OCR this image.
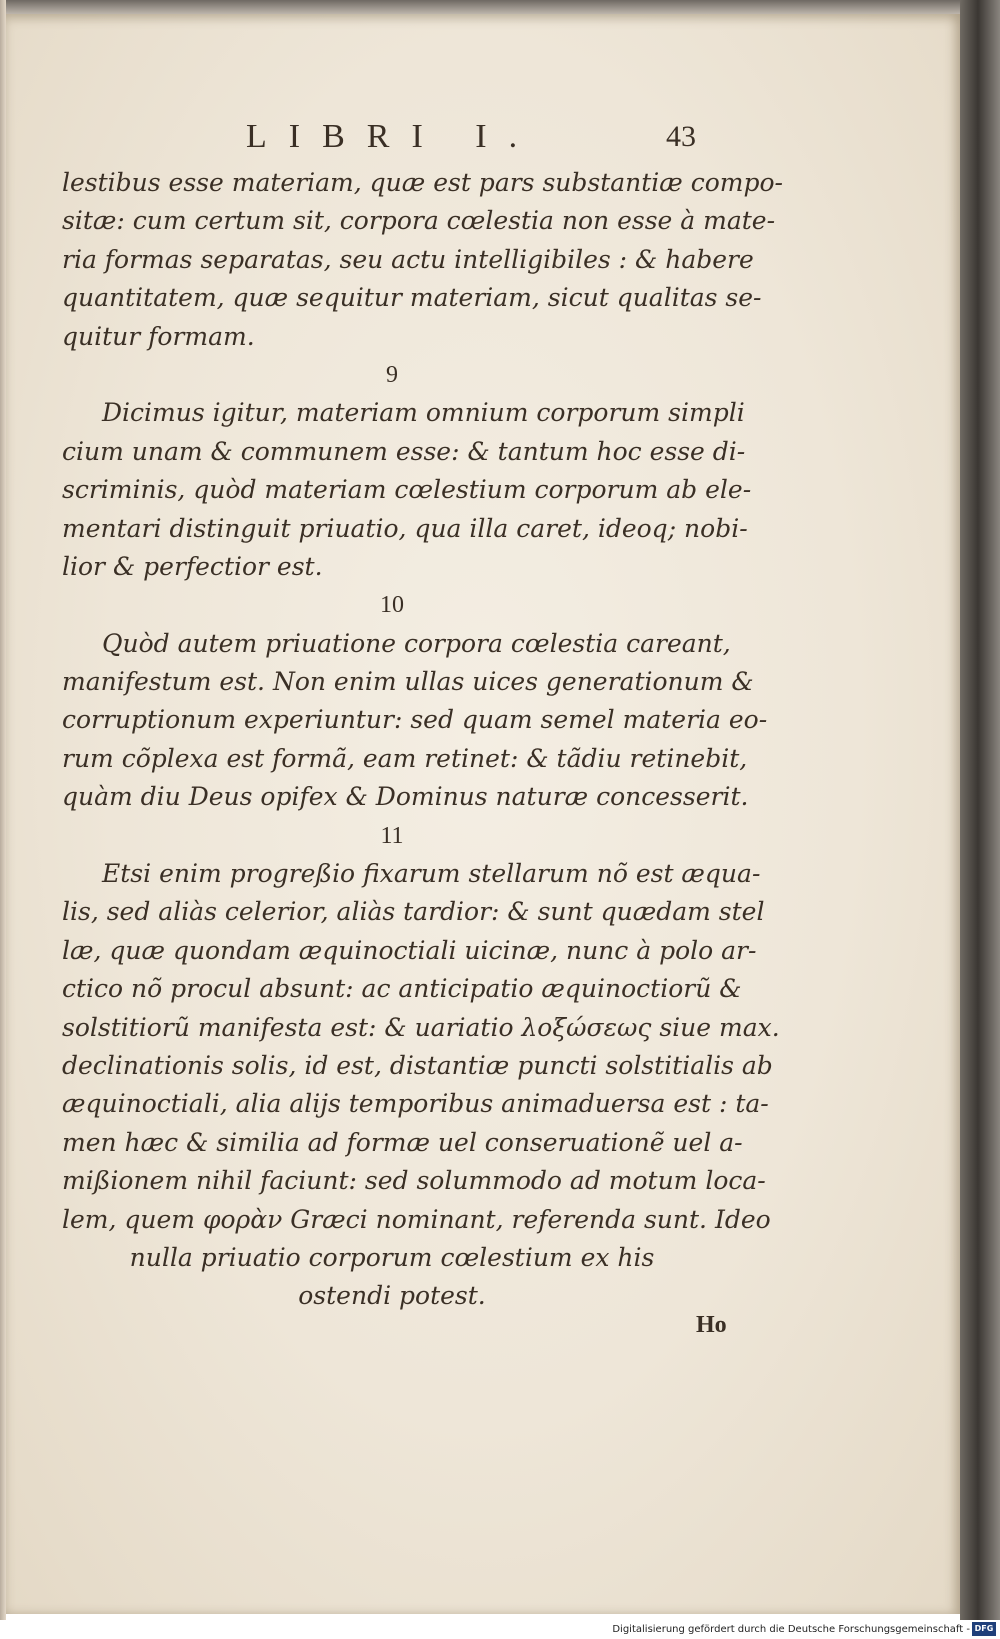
LIBRI I.	43
lestibus esse materiam, quæ est pars substantiæ compo-
sitæ: cum certum sit, corpora cœlestia non esse à mate-
ria formas separatas, seu actu intelligibiles : & habere
quantitatem, quæ sequitur materiam, sicut qualitas se-
quitur formam.
9
Dicimus igitur, materiam omnium corporum simpli
cium unam & communem esse: & tantum hoc esse di-
scriminis, quòd materiam cœlestium corporum ab ele-
mentari distinguit priuatio, qua illa caret, ideoq; nobi-
lior & perfectior est.
10
Quòd autem priuatione corpora cœlestia careant,
manifestum est. Non enim ullas uices generationum &
corruptionum experiuntur: sed quam semel materia eo-
rum cõplexa est formã, eam retinet: & tãdiu retinebit,
quàm diu Deus opifex & Dominus naturæ concesserit.
11
Etsi enim progreßio fixarum stellarum nõ est æqua-
lis, sed aliàs celerior, aliàs tardior: & sunt quædam stel
læ, quæ quondam æquinoctiali uicinæ, nunc à polo ar-
ctico nõ procul absunt: ac anticipatio æquinoctiorũ &
solstitiorũ manifesta est: & uariatio λοξώσεως siue max.
declinationis solis, id est, distantiæ puncti solstitialis ab
æquinoctiali, alia alijs temporibus animaduersa est : ta-
men hæc & similia ad formæ uel conseruationẽ uel a-
mißionem nihil faciunt: sed solummodo ad motum loca-
lem, quem φορὰν Græci nominant, referenda sunt. Ideo
nulla priuatio corporum cœlestium ex his
ostendi potest.
Ho
Digitalisierung gefördert durch die Deutsche Forschungsgemeinschaft - DFG
